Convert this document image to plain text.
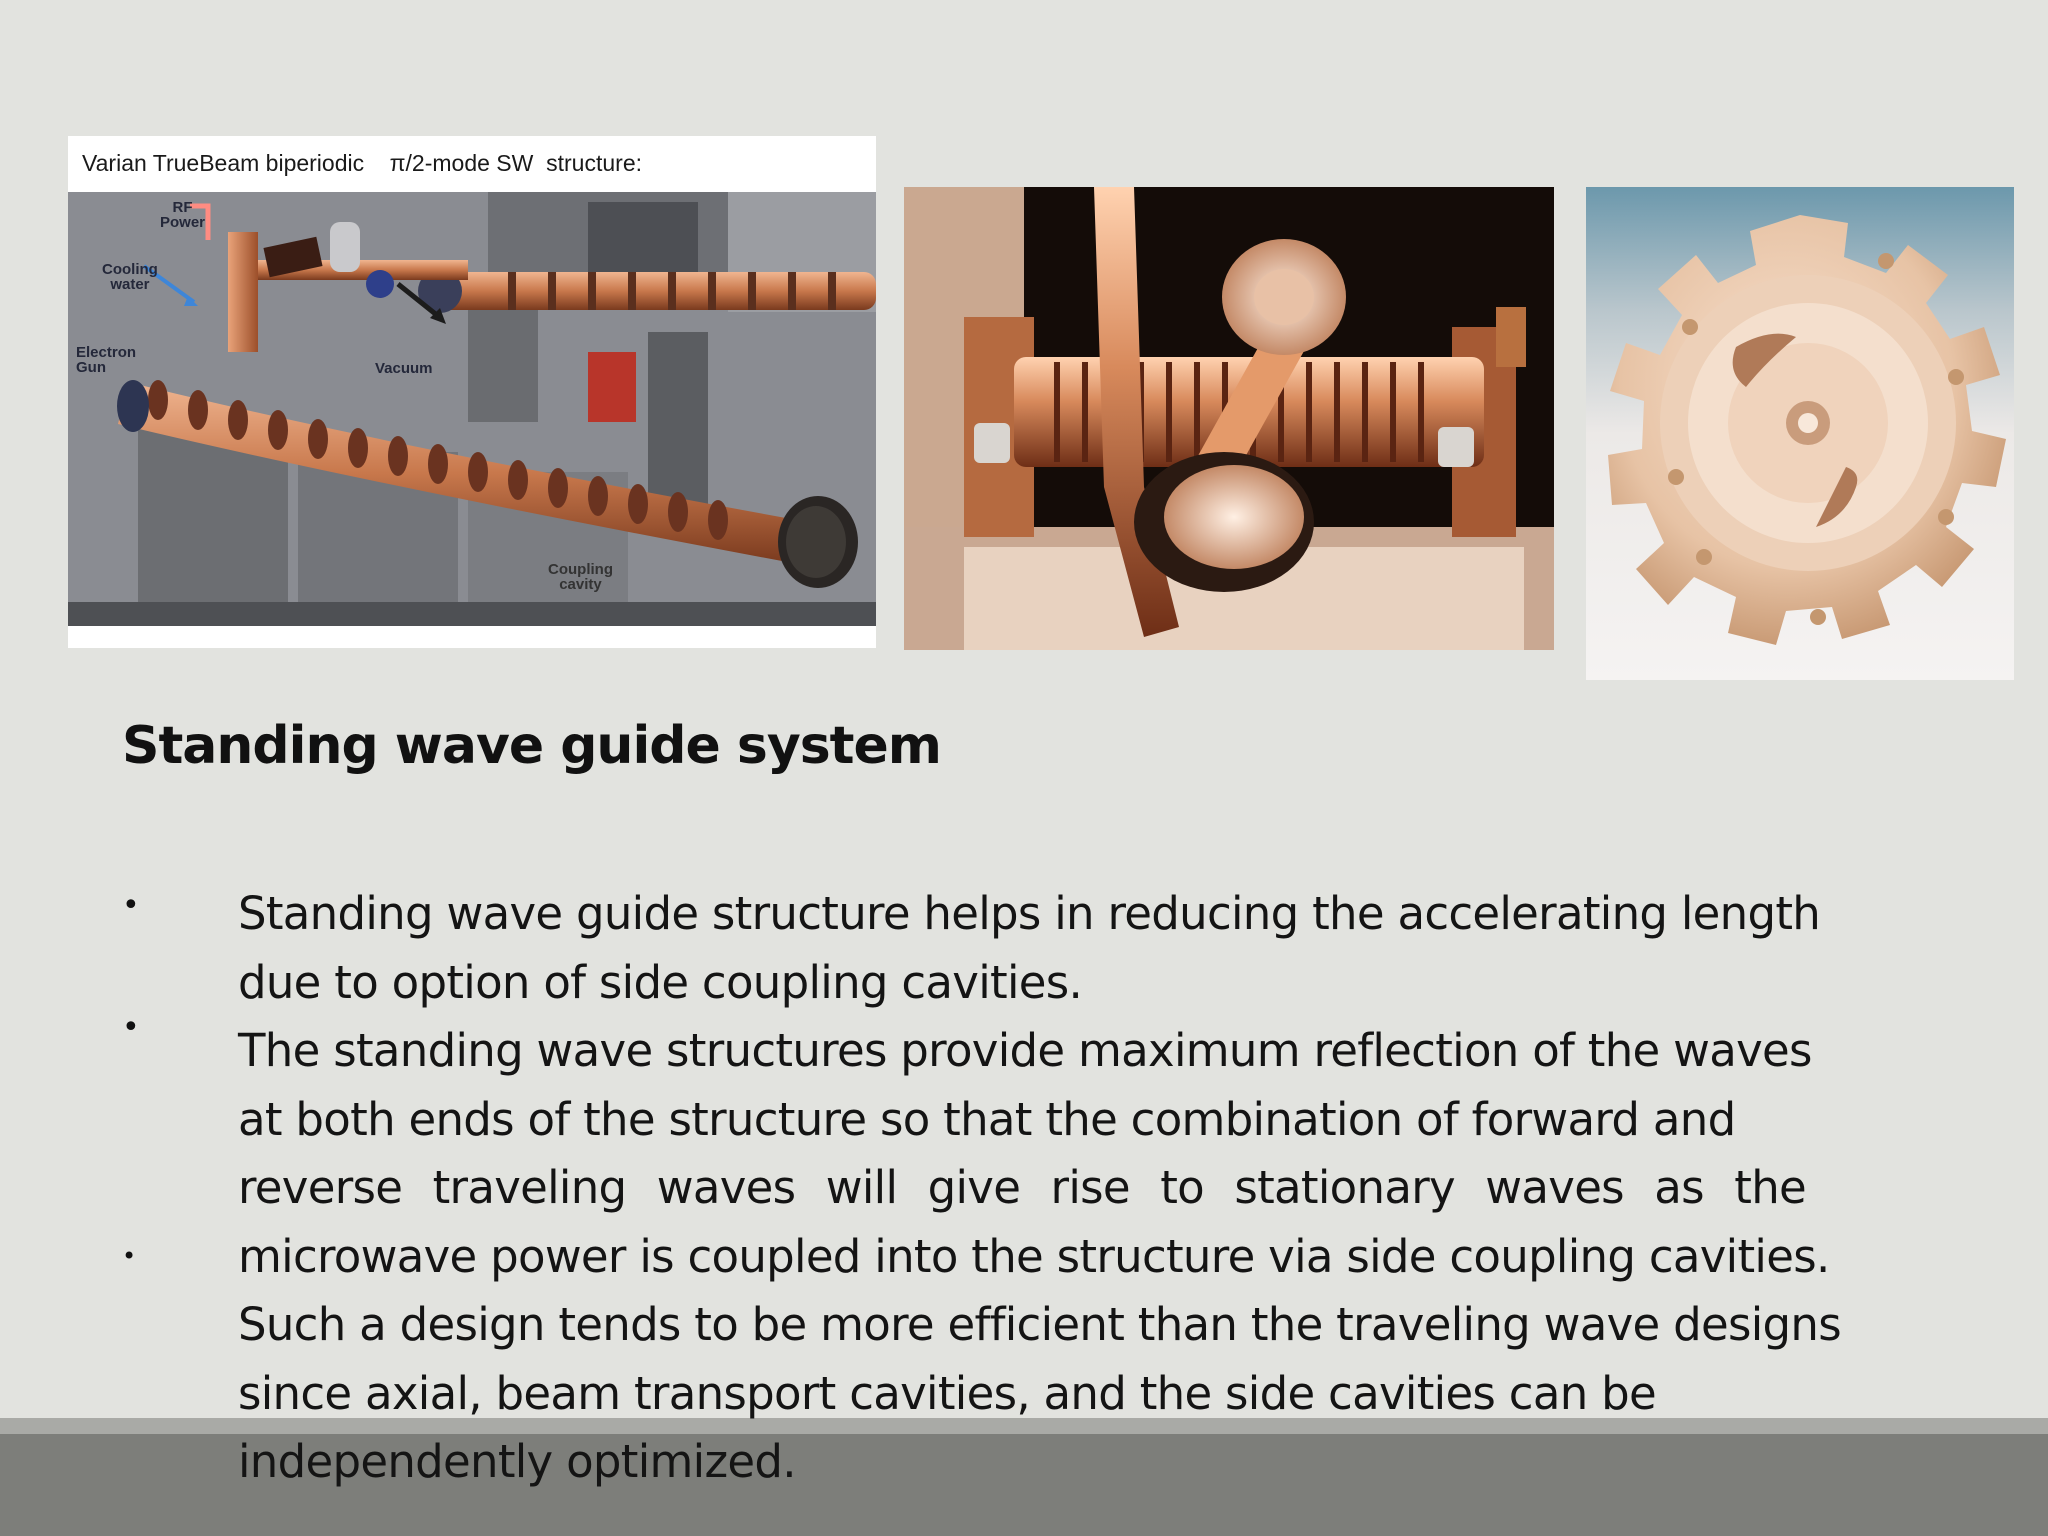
Varian TrueBeam biperiodic    π/2-mode SW  structure:
RF
Power
Cooling
water
Electron
Gun	Vacuum
Coupling
cavity
Standing wave guide system
•
•
•
Standing wave guide structure helps in reducing the accelerating length
due to option of side coupling cavities.
The standing wave structures provide maximum reflection of the waves
at both ends of the structure so that the combination of forward and
reverse traveling waves will give rise to stationary waves as the
microwave power is coupled into the structure via side coupling cavities.
Such a design tends to be more efficient than the traveling wave designs
since axial, beam transport cavities, and the side cavities can be
independently optimized.
